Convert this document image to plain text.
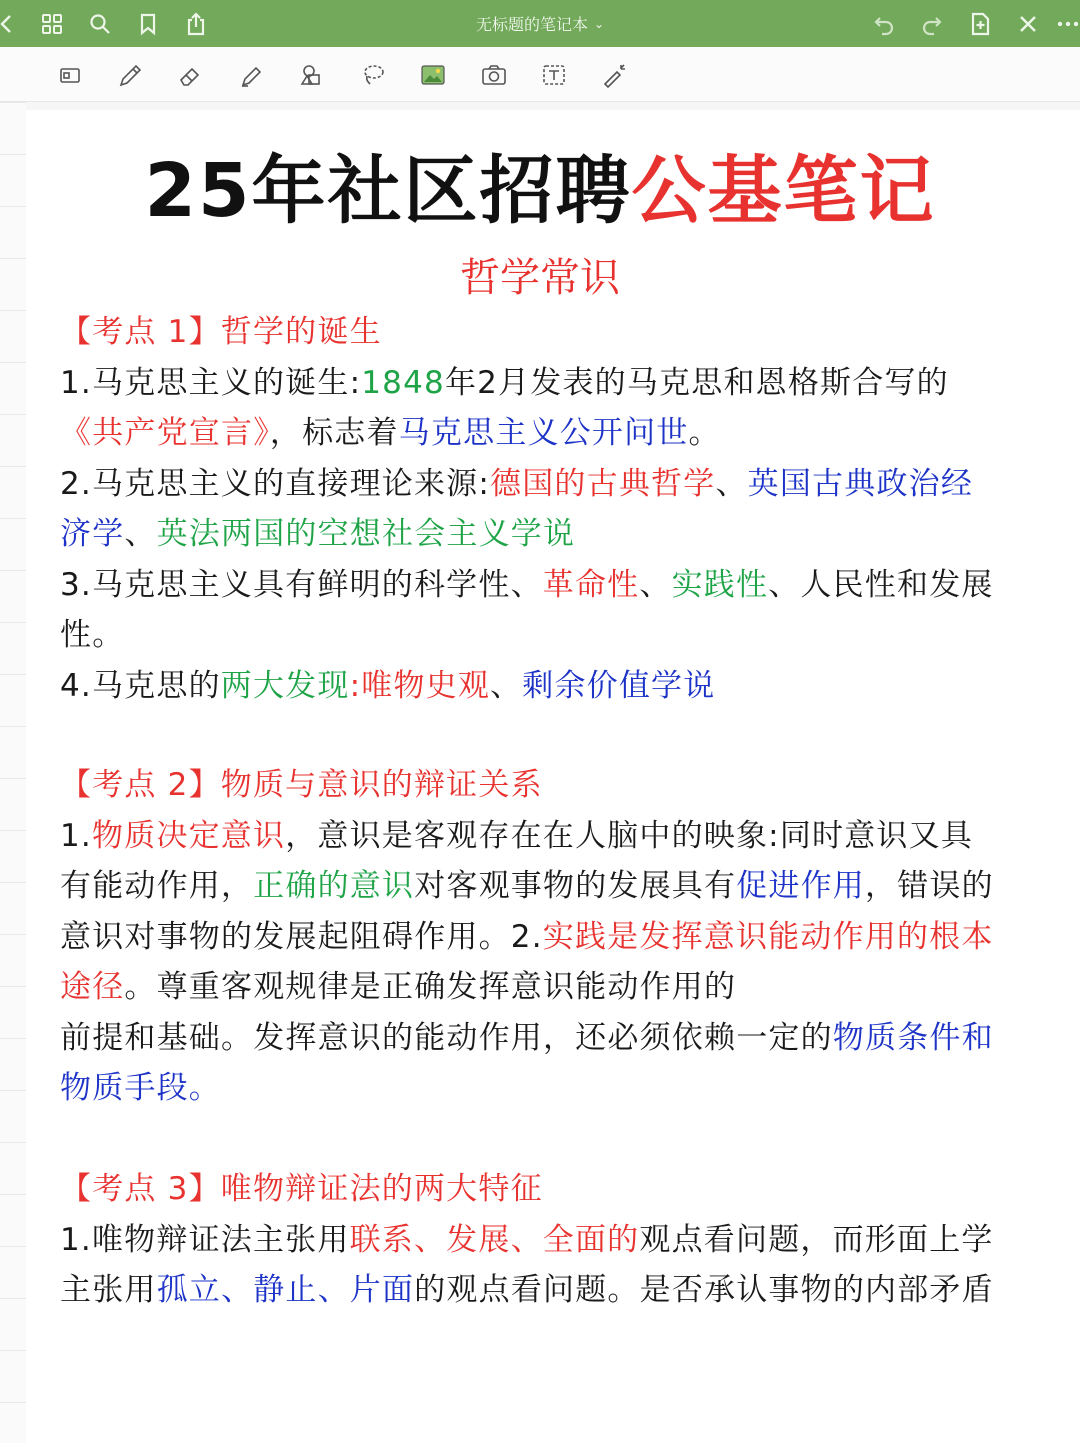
无标题的笔记本 ⌄
25年社区招聘公基笔记
哲学常识
【考点 1】哲学的诞生
1.马克思主义的诞生:1848年2月发表的马克思和恩格斯合写的
《共产党宣言》，标志着马克思主义公开问世。
2.马克思主义的直接理论来源:德国的古典哲学、英国古典政治经
济学、英法两国的空想社会主义学说
3.马克思主义具有鲜明的科学性、革命性、实践性、人民性和发展
性。
4.马克思的两大发现:唯物史观、剩余价值学说
【考点 2】物质与意识的辩证关系
1.物质决定意识，意识是客观存在在人脑中的映象:同时意识又具
有能动作用，正确的意识对客观事物的发展具有促进作用，错误的
意识对事物的发展起阻碍作用。2.实践是发挥意识能动作用的根本
途径。尊重客观规律是正确发挥意识能动作用的
前提和基础。发挥意识的能动作用，还必须依赖一定的物质条件和
物质手段。
【考点 3】唯物辩证法的两大特征
1.唯物辩证法主张用联系、发展、全面的观点看问题，而形面上学
主张用孤立、静止、片面的观点看问题。是否承认事物的内部矛盾
